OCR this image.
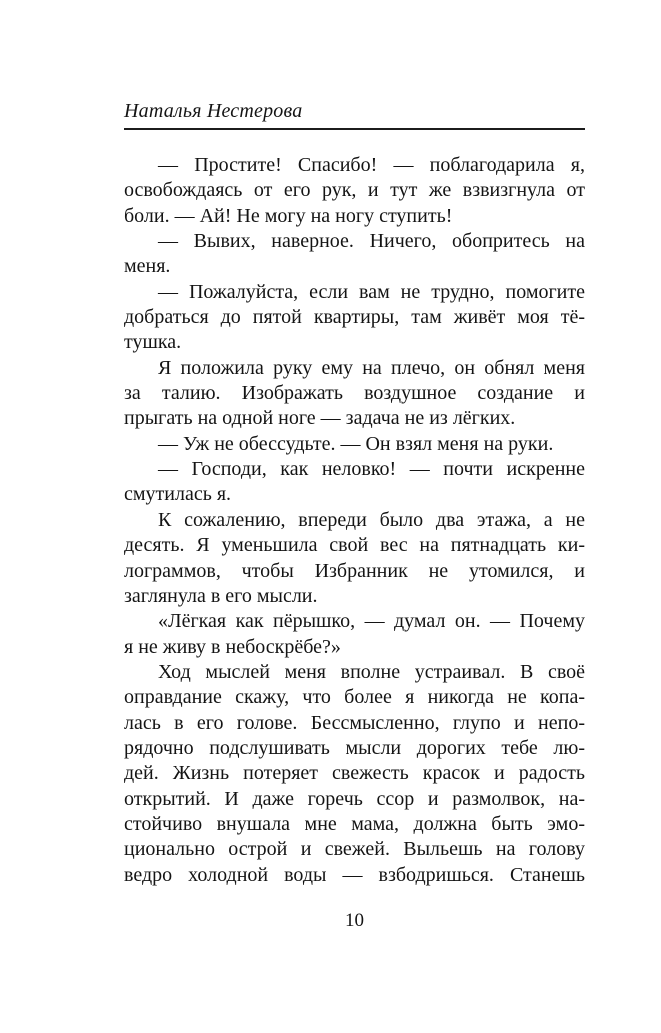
Наталья Нестерова
— Простите! Спасибо! — поблагодарила я,
освобождаясь от его рук, и тут же взвизгнула от
боли. — Ай! Не могу на ногу ступить!
— Вывих, наверное. Ничего, обопритесь на
меня.
— Пожалуйста, если вам не трудно, помогите
добраться до пятой квартиры, там живёт моя тё-
тушка.
Я положила руку ему на плечо, он обнял меня
за талию. Изображать воздушное создание и
прыгать на одной ноге — задача не из лёгких.
— Уж не обессудьте. — Он взял меня на руки.
— Господи, как неловко! — почти искренне
смутилась я.
К сожалению, впереди было два этажа, а не
десять. Я уменьшила свой вес на пятнадцать ки-
лограммов, чтобы Избранник не утомился, и
заглянула в его мысли.
«Лёгкая как пёрышко, — думал он. — Почему
я не живу в небоскрёбе?»
Ход мыслей меня вполне устраивал. В своё
оправдание скажу, что более я никогда не копа-
лась в его голове. Бессмысленно, глупо и непо-
рядочно подслушивать мысли дорогих тебе лю-
дей. Жизнь потеряет свежесть красок и радость
открытий. И даже горечь ссор и размолвок, на-
стойчиво внушала мне мама, должна быть эмо-
ционально острой и свежей. Выльешь на голову
ведро холодной воды — взбодришься. Станешь
10
